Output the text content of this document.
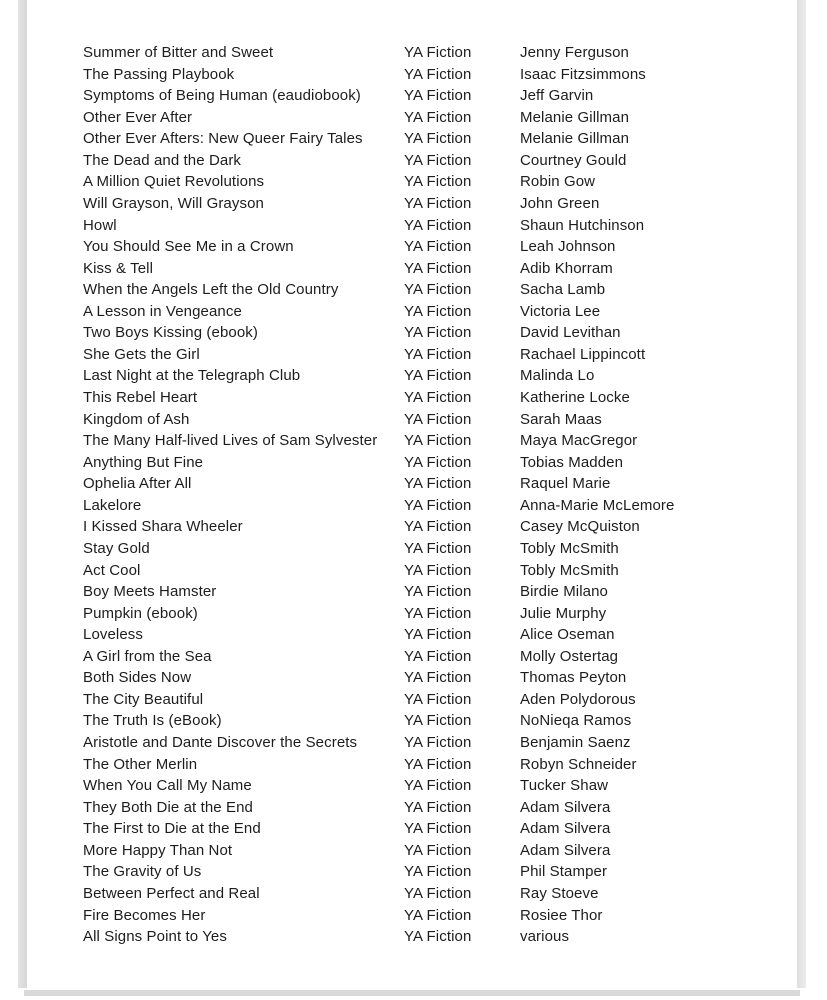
Summer of Bitter and Sweet	YA Fiction	Jenny Ferguson
The Passing Playbook	YA Fiction	Isaac Fitzsimmons
Symptoms of Being Human (eaudiobook)	YA Fiction	Jeff Garvin
Other Ever After	YA Fiction	Melanie Gillman
Other Ever Afters: New Queer Fairy Tales	YA Fiction	Melanie Gillman
The Dead and the Dark	YA Fiction	Courtney Gould
A Million Quiet Revolutions	YA Fiction	Robin Gow
Will Grayson, Will Grayson	YA Fiction	John Green
Howl	YA Fiction	Shaun Hutchinson
You Should See Me in a Crown	YA Fiction	Leah Johnson
Kiss & Tell	YA Fiction	Adib Khorram
When the Angels Left the Old Country	YA Fiction	Sacha Lamb
A Lesson in Vengeance	YA Fiction	Victoria Lee
Two Boys Kissing (ebook)	YA Fiction	David Levithan
She Gets the Girl	YA Fiction	Rachael Lippincott
Last Night at the Telegraph Club	YA Fiction	Malinda Lo
This Rebel Heart	YA Fiction	Katherine Locke
Kingdom of Ash	YA Fiction	Sarah Maas
The Many Half-lived Lives of Sam Sylvester	YA Fiction	Maya MacGregor
Anything But Fine	YA Fiction	Tobias Madden
Ophelia After All	YA Fiction	Raquel Marie
Lakelore	YA Fiction	Anna-Marie McLemore
I Kissed Shara Wheeler	YA Fiction	Casey McQuiston
Stay Gold	YA Fiction	Tobly McSmith
Act Cool	YA Fiction	Tobly McSmith
Boy Meets Hamster	YA Fiction	Birdie Milano
Pumpkin (ebook)	YA Fiction	Julie Murphy
Loveless	YA Fiction	Alice Oseman
A Girl from the Sea	YA Fiction	Molly Ostertag
Both Sides Now	YA Fiction	Thomas Peyton
The City Beautiful	YA Fiction	Aden Polydorous
The Truth Is (eBook)	YA Fiction	NoNieqa Ramos
Aristotle and Dante Discover the Secrets	YA Fiction	Benjamin Saenz
The Other Merlin	YA Fiction	Robyn Schneider
When You Call My Name	YA Fiction	Tucker Shaw
They Both Die at the End	YA Fiction	Adam Silvera
The First to Die at the End	YA Fiction	Adam Silvera
More Happy Than Not	YA Fiction	Adam Silvera
The Gravity of Us	YA Fiction	Phil Stamper
Between Perfect and Real	YA Fiction	Ray Stoeve
Fire Becomes Her	YA Fiction	Rosiee Thor
All Signs Point to Yes	YA Fiction	various
